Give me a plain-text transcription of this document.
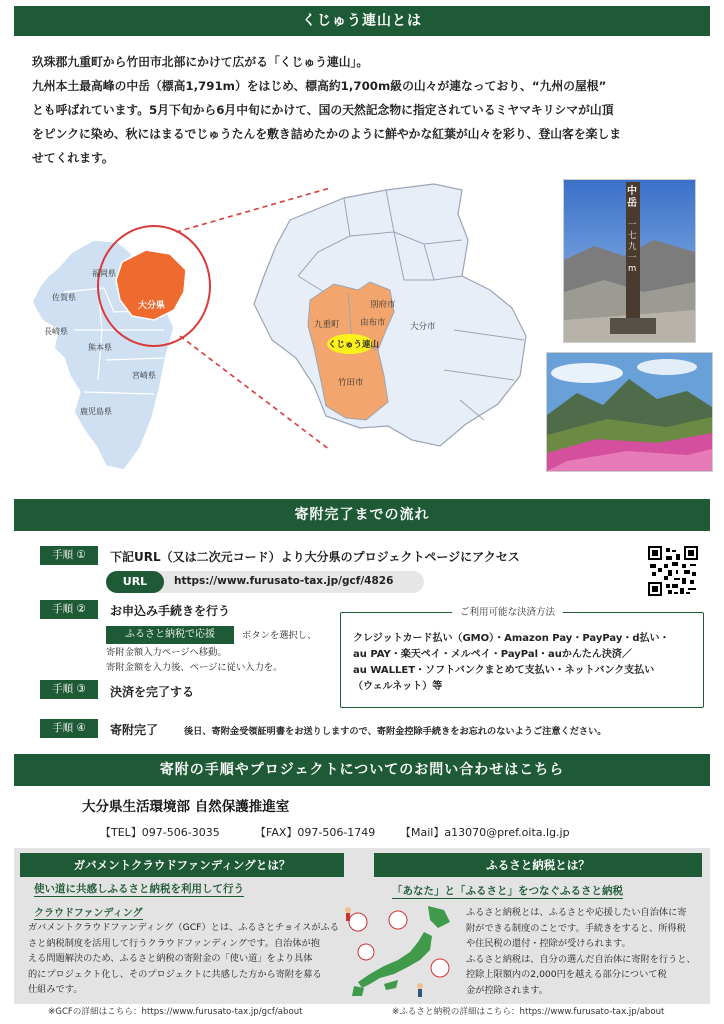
くじゅう連山とは

玖珠郡九重町から竹田市北部にかけて広がる「くじゅう連山」。

九州本土最高峰の中岳（標高1,791m）をはじめ、標高約1,700m級の山々が連なっており、“九州の屋根”

とも呼ばれています。5月下旬から6月中旬にかけて、国の天然記念物に指定されているミヤマキリシマが山頂

をピンクに染め、秋にはまるでじゅうたんを敷き詰めたかのように鮮やかな紅葉が山々を彩り、登山客を楽しま

せてくれます。

福岡県
佐賀県
長崎県
熊本県
宮崎県
鹿児島県
大分県	別府市
九重町 由布市	大分市
竹田市
くじゅう連山
中岳
一七九一m
寄附完了までの流れ
手順 ①	下記URL（又は二次元コード）より大分県のプロジェクトページにアクセス
URL	https://www.furusato-tax.jp/gcf/4826
手順 ②	お申込み手続きを行う
ふるさと納税で応援	ボタンを選択し、
寄附金額入力ページへ移動。
寄附金額を入力後、ページに従い入力を。
クレジットカード払い（GMO）・Amazon Pay・PayPay・d払い・
au PAY・楽天ペイ・メルペイ・PayPal・auかんたん決済／
au WALLET・ソフトバンクまとめて支払い・ネットバンク支払い
（ウェルネット）等
ご利用可能な決済方法
手順 ③	決済を完了する
手順 ④	寄附完了	後日、寄附金受領証明書をお送りしますので、寄附金控除手続きをお忘れのないようご注意ください。
寄附の手順やプロジェクトについてのお問い合わせはこちら
大分県生活環境部 自然保護推進室
【TEL】097-506-3035	【FAX】097-506-1749 【Mail】a13070@pref.oita.lg.jp
ガバメントクラウドファンディングとは？
使い道に共感しふるさと納税を利用して行う
クラウドファンディング
ガバメントクラウドファンディング（GCF）とは、ふるさとチョイスがふる
さと納税制度を活用して行うクラウドファンディングです。自治体が抱
える問題解決のため、ふるさと納税の寄附金の「使い道」をより具体
的にプロジェクト化し、そのプロジェクトに共感した方から寄附を募る
仕組みです。
ふるさと納税とは？
「あなた」と「ふるさと」をつなぐふるさと納税
ふるさと納税とは、ふるさとや応援したい自治体に寄
附ができる制度のことです。手続きをすると、所得税
や住民税の還付・控除が受けられます。
ふるさと納税は、自分の選んだ自治体に寄附を行うと、
控除上限額内の2,000円を越える部分について税
金が控除されます。
※GCFの詳細はこちら：https://www.furusato-tax.jp/gcf/about	※ふるさと納税の詳細はこちら：https://www.furusato-tax.jp/about
